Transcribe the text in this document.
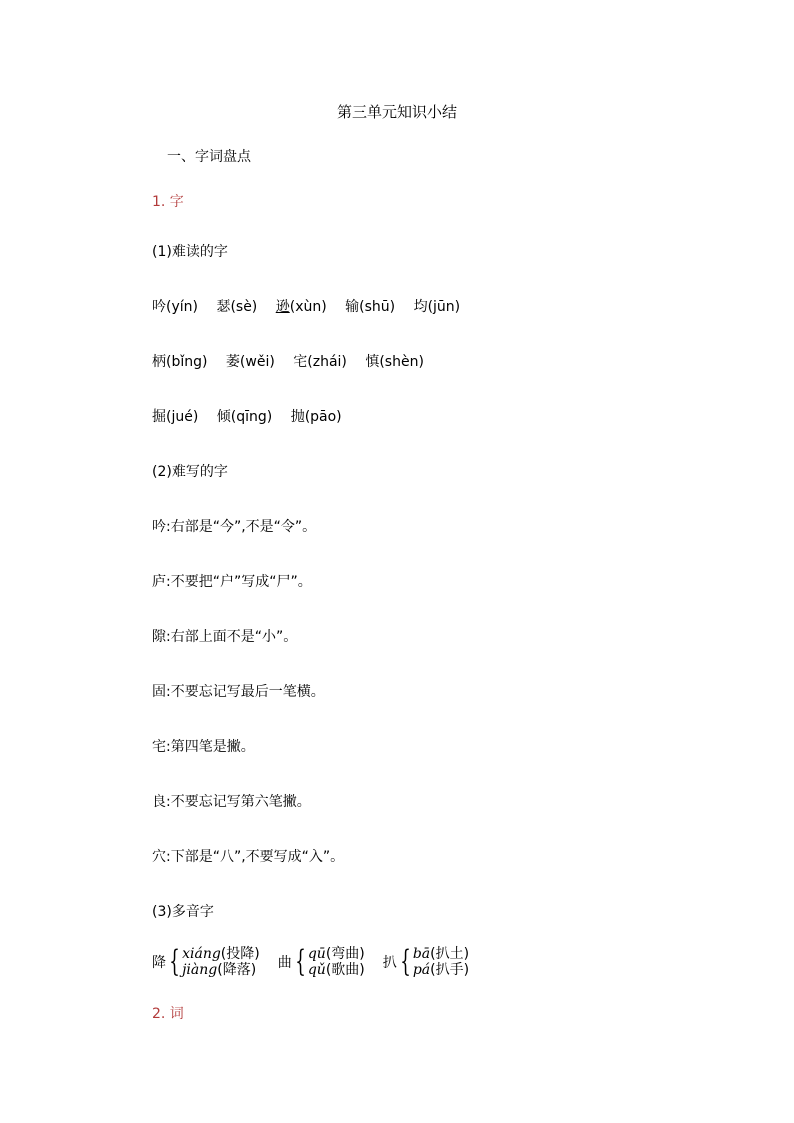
第三单元知识小结
一、字词盘点
1. 字
(1)难读的字
吟(yín) 瑟(sè) 逊(xùn) 输(shū) 均(jūn)
柄(bǐng) 萎(wěi) 宅(zhái) 慎(shèn)
掘(jué) 倾(qīng) 抛(pāo)
(2)难写的字
吟:右部是“今”,不是“令”。
庐:不要把“户”写成“尸”。
隙:右部上面不是“小”。
固:不要忘记写最后一笔横。
宅:第四笔是撇。
良:不要忘记写第六笔撇。
穴:下部是“八”,不要写成“入”。
(3)多音字
降 { xiáng(投降)
jiàng(降落) 曲 { qū(弯曲)
qǔ(歌曲) 扒 { bā(扒土)
pá(扒手)
2. 词
